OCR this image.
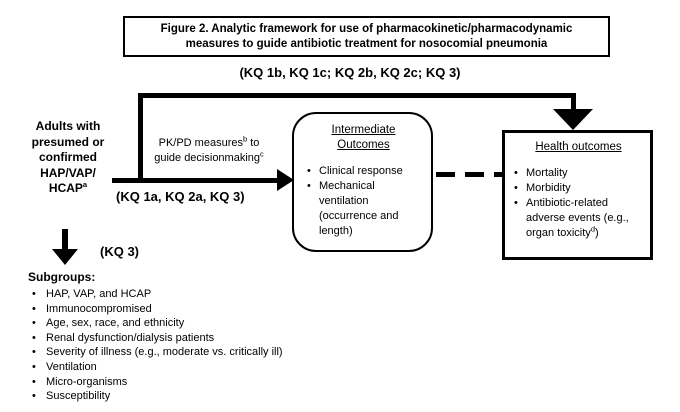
Figure 2. Analytic framework for use of pharmacokinetic/pharmacodynamic
measures to guide antibiotic treatment for nosocomial pneumonia
(KQ 1b, KQ 1c; KQ 2b, KQ 2c; KQ 3)
Adults with
presumed or
confirmed
HAP/VAP/
HCAP$^a$
PK/PD measures$^b$ to
guide decisionmaking$^c$
(KQ 1a, KQ 2a, KQ 3)
Intermediate
Outcomes
• Clinical response
• Mechanical ventilation (occurrence and length)
Health outcomes
• Mortality
• Morbidity
• Antibiotic-related adverse events (e.g., organ toxicity$^d$)
(KQ 3)
Subgroups:
• HAP, VAP, and HCAP
• Immunocompromised
• Age, sex, race, and ethnicity
• Renal dysfunction/dialysis patients
• Severity of illness (e.g., moderate vs. critically ill)
• Ventilation
• Micro-organisms
• Susceptibility
